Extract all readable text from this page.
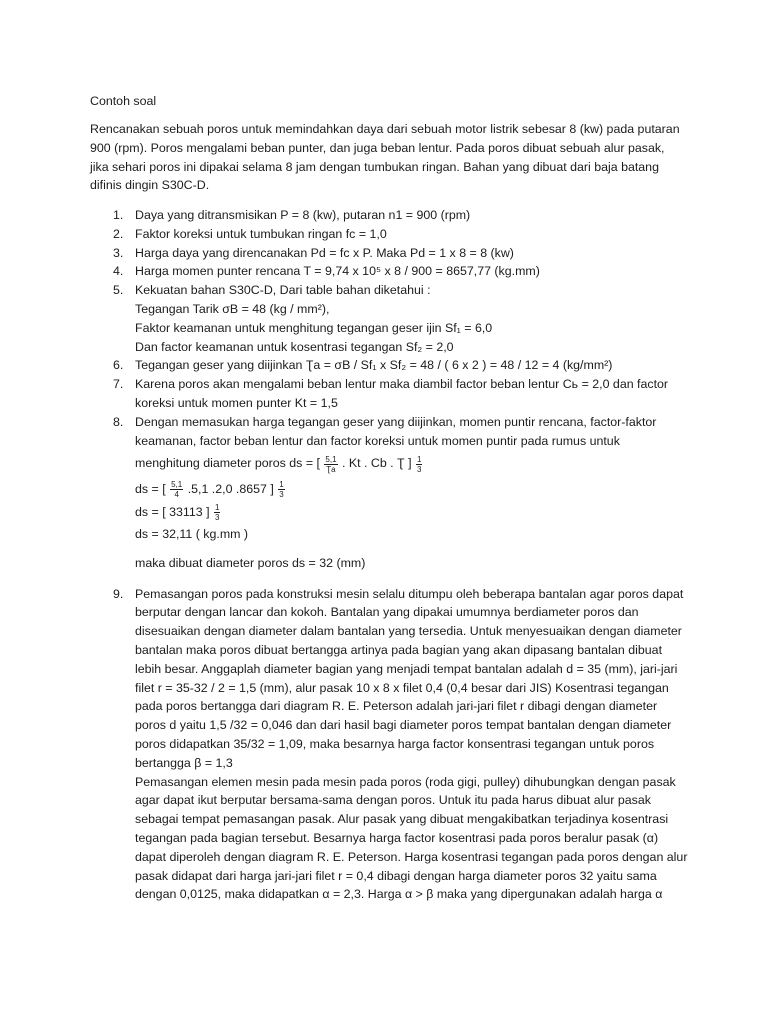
Contoh soal
Rencanakan sebuah poros untuk memindahkan daya dari sebuah motor listrik sebesar 8 (kw) pada putaran 900 (rpm). Poros mengalami beban punter, dan juga beban lentur. Pada poros dibuat sebuah alur pasak, jika sehari poros ini dipakai selama 8 jam dengan tumbukan ringan. Bahan yang dibuat dari baja batang difinis dingin S30C-D.
1. Daya yang ditransmisikan P = 8 (kw), putaran n1 = 900 (rpm)
2. Faktor koreksi untuk tumbukan ringan fc = 1,0
3. Harga daya yang direncanakan Pd = fc x P. Maka Pd = 1 x 8 = 8 (kw)
4. Harga momen punter rencana T = 9,74 x 10⁵ x 8 / 900 = 8657,77 (kg.mm)
5. Kekuatan bahan S30C-D, Dari table bahan diketahui :
Tegangan Tarik σB = 48 (kg / mm²),
Faktor keamanan untuk menghitung tegangan geser ijin Sf₁ = 6,0
Dan factor keamanan untuk kosentrasi tegangan Sf₂ = 2,0
6. Tegangan geser yang diijinkan Ʈa = σB / Sf₁ x Sf₂ = 48 / ( 6 x 2 ) = 48 / 12 = 4 (kg/mm²)
7. Karena poros akan mengalami beban lentur maka diambil factor beban lentur Cь = 2,0 dan factor koreksi untuk momen punter Kt = 1,5
8. Dengan memasukan harga tegangan geser yang diijinkan, momen puntir rencana, factor-faktor keamanan, factor beban lentur dan factor koreksi untuk momen puntir pada rumus untuk
menghitung diameter poros ds = [ $\frac{5,1}{Ʈa}$ . Kt . Cb . Ʈ ] $\frac{1}{3}$
ds = [ $\frac{5,1}{4} .5,1$ .2,0 .8657 ] $\frac{1}{3}$
ds = [ 33113 ] $\frac{1}{3}$
ds = 32,11 ( kg.mm )
maka dibuat diameter poros ds = 32 (mm)
9. Pemasangan poros pada konstruksi mesin selalu ditumpu oleh beberapa bantalan agar poros dapat berputar dengan lancar dan kokoh. Bantalan yang dipakai umumnya berdiameter poros dan disesuaikan dengan diameter dalam bantalan yang tersedia. Untuk menyesuaikan dengan diameter bantalan maka poros dibuat bertangga artinya pada bagian yang akan dipasang bantalan dibuat lebih besar. Anggaplah diameter bagian yang menjadi tempat bantalan adalah d = 35 (mm), jari-jari filet r = 35-32 / 2 = 1,5 (mm), alur pasak 10 x 8 x filet 0,4 (0,4 besar dari JIS) Kosentrasi tegangan pada poros bertangga dari diagram R. E. Peterson adalah jari-jari filet r dibagi dengan diameter poros d yaitu 1,5 /32 = 0,046 dan dari hasil bagi diameter poros tempat bantalan dengan diameter poros didapatkan 35/32 = 1,09, maka besarnya harga factor konsentrasi tegangan untuk poros bertangga β = 1,3
Pemasangan elemen mesin pada mesin pada poros (roda gigi, pulley) dihubungkan dengan pasak agar dapat ikut berputar bersama-sama dengan poros. Untuk itu pada harus dibuat alur pasak sebagai tempat pemasangan pasak. Alur pasak yang dibuat mengakibatkan terjadinya kosentrasi tegangan pada bagian tersebut. Besarnya harga factor kosentrasi pada poros beralur pasak (α) dapat diperoleh dengan diagram R. E. Peterson. Harga kosentrasi tegangan pada poros dengan alur pasak didapat dari harga jari-jari filet r = 0,4 dibagi dengan harga diameter poros 32 yaitu sama dengan 0,0125, maka didapatkan α = 2,3. Harga α > β maka yang dipergunakan adalah harga α
